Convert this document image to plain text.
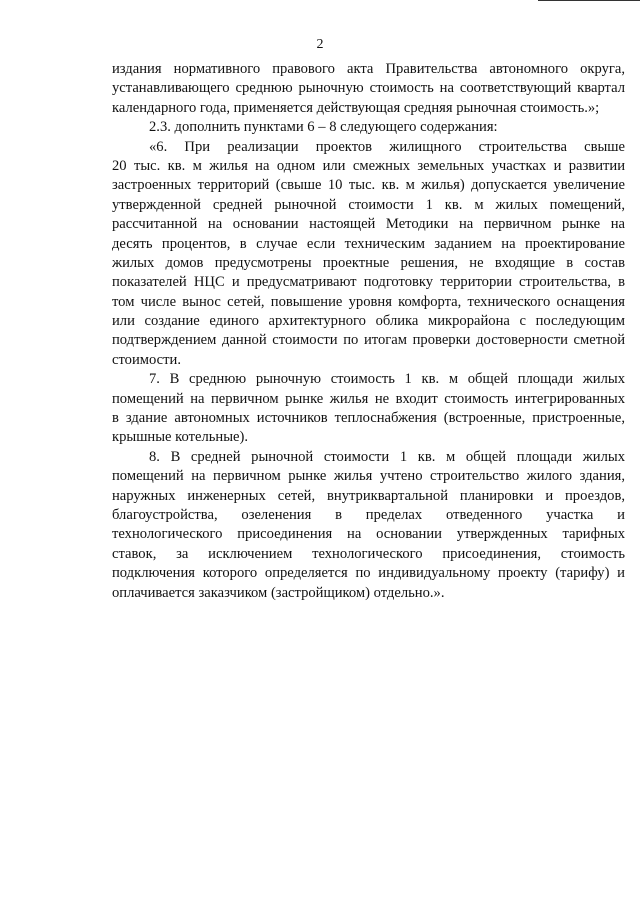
2
издания нормативного правового акта Правительства автономного округа,
устанавливающего среднюю рыночную стоимость на соответствующий квартал
календарного года, применяется действующая средняя рыночная стоимость.»;
2.3. дополнить пунктами 6 – 8 следующего содержания:
«6. При реализации проектов жилищного строительства свыше
20 тыс. кв. м жилья на одном или смежных земельных участках и развитии
застроенных территорий (свыше 10 тыс. кв. м жилья) допускается увеличение
утвержденной средней рыночной стоимости 1 кв. м жилых помещений,
рассчитанной на основании настоящей Методики на первичном рынке на
десять процентов, в случае если техническим заданием на проектирование
жилых домов предусмотрены проектные решения, не входящие в состав
показателей НЦС и предусматривают подготовку территории строительства, в
том числе вынос сетей, повышение уровня комфорта, технического оснащения
или создание единого архитектурного облика микрорайона с последующим
подтверждением данной стоимости по итогам проверки достоверности сметной
стоимости.
7. В среднюю рыночную стоимость 1 кв. м общей площади жилых
помещений на первичном рынке жилья не входит стоимость интегрированных
в здание автономных источников теплоснабжения (встроенные, пристроенные,
крышные котельные).
8. В средней рыночной стоимости 1 кв. м общей площади жилых
помещений на первичном рынке жилья учтено строительство жилого здания,
наружных инженерных сетей, внутриквартальной планировки и проездов,
благоустройства, озеленения в пределах отведенного участка и
технологического присоединения на основании утвержденных тарифных
ставок, за исключением технологического присоединения, стоимость
подключения которого определяется по индивидуальному проекту (тарифу) и
оплачивается заказчиком (застройщиком) отдельно.».
